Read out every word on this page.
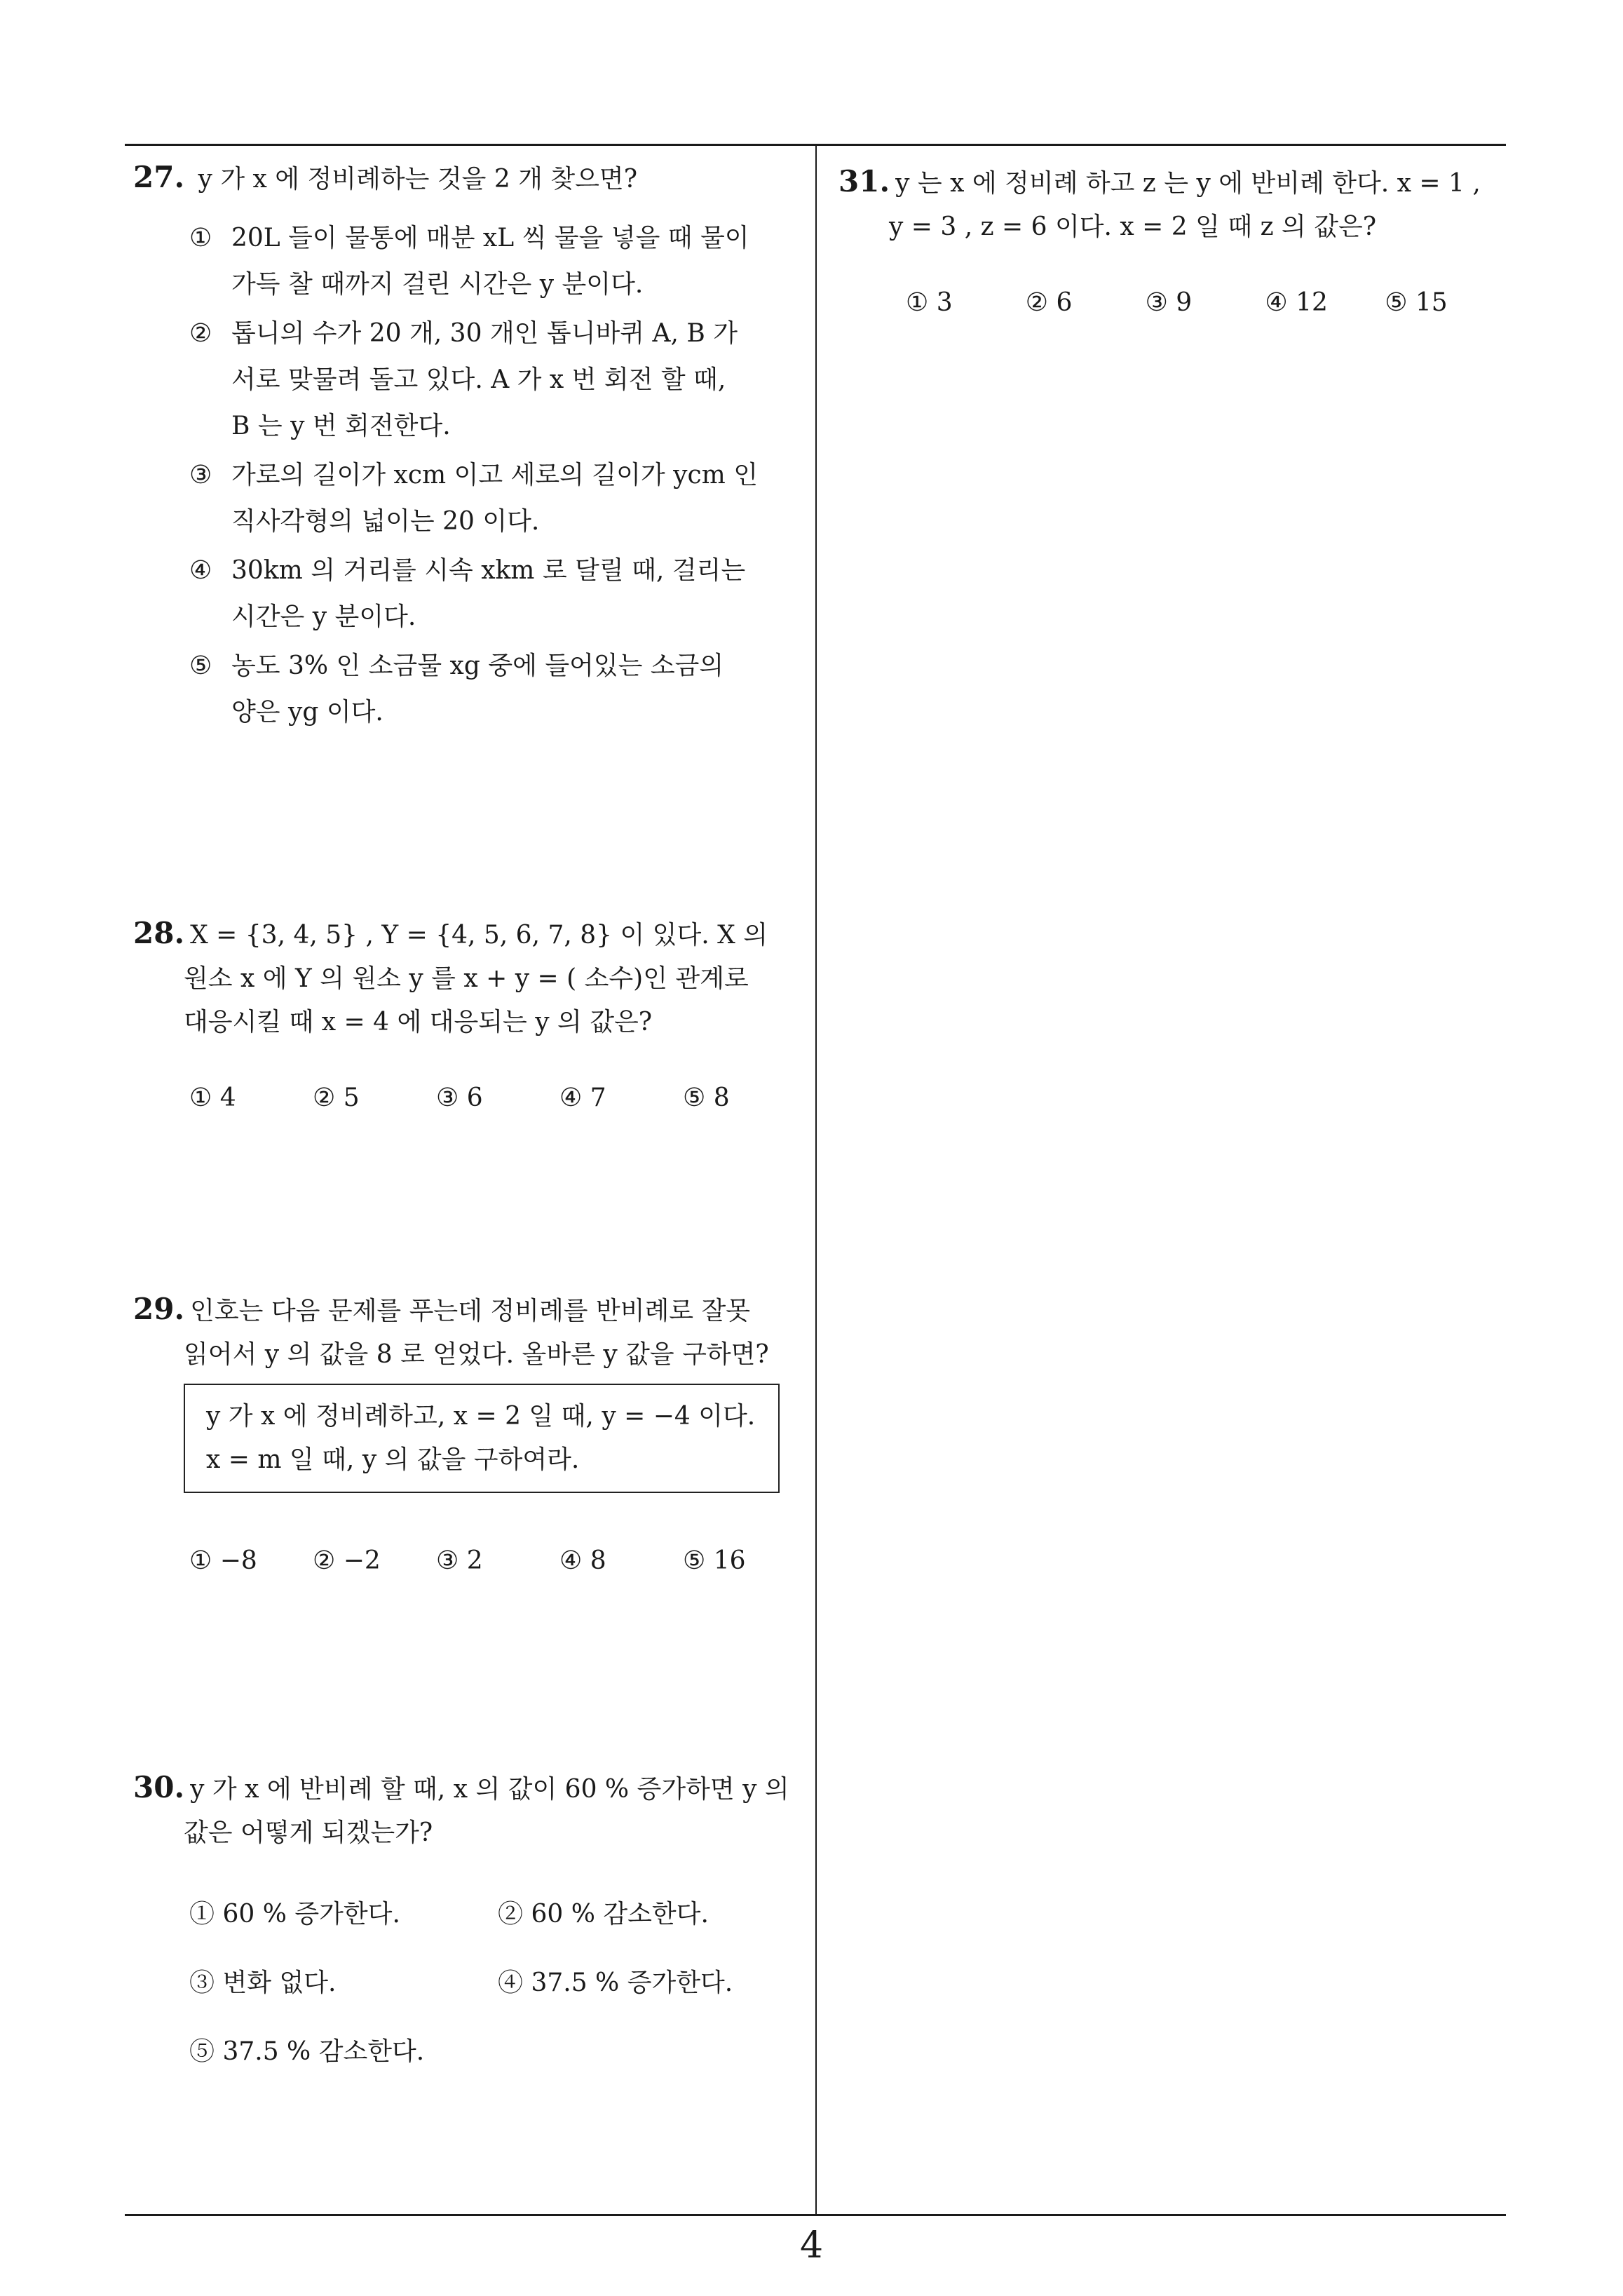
27. y 가 x 에 정비례하는 것을 2 개 찾으면?
① 20L 들이 물통에 매분 xL 씩 물을 넣을 때 물이
가득 찰 때까지 걸린 시간은 y 분이다.
② 톱니의 수가 20 개, 30 개인 톱니바퀴 A, B 가
서로 맞물려 돌고 있다. A 가 x 번 회전 할 때,
B 는 y 번 회전한다.
③ 가로의 길이가 xcm 이고 세로의 길이가 ycm 인
직사각형의 넓이는 20 이다.
④ 30km 의 거리를 시속 xkm 로 달릴 때, 걸리는
시간은 y 분이다.
⑤ 농도 3% 인 소금물 xg 중에 들어있는 소금의
양은 yg 이다.
28. X = {3, 4, 5} , Y = {4, 5, 6, 7, 8} 이 있다. X 의
원소 x 에 Y 의 원소 y 를 x + y = ( 소수)인 관계로
대응시킬 때 x = 4 에 대응되는 y 의 값은?
① 4	② 5	③ 6	④ 7	⑤ 8
29. 인호는 다음 문제를 푸는데 정비례를 반비례로 잘못
읽어서 y 의 값을 8 로 얻었다. 올바른 y 값을 구하면?
y 가 x 에 정비례하고, x = 2 일 때, y = −4 이다.
x = m 일 때, y 의 값을 구하여라.
① −8	② −2	③ 2	④ 8	⑤ 16
30. y 가 x 에 반비례 할 때, x 의 값이 60 % 증가하면 y 의
값은 어떻게 되겠는가?
① 60 % 증가한다.	② 60 % 감소한다.
③ 변화 없다.	④ 37.5 % 증가한다.
⑤ 37.5 % 감소한다.
31. y 는 x 에 정비례 하고 z 는 y 에 반비례 한다. x = 1 ,
y = 3 , z = 6 이다. x = 2 일 때 z 의 값은?
① 3	② 6	③ 9	④ 12	⑤ 15
4
